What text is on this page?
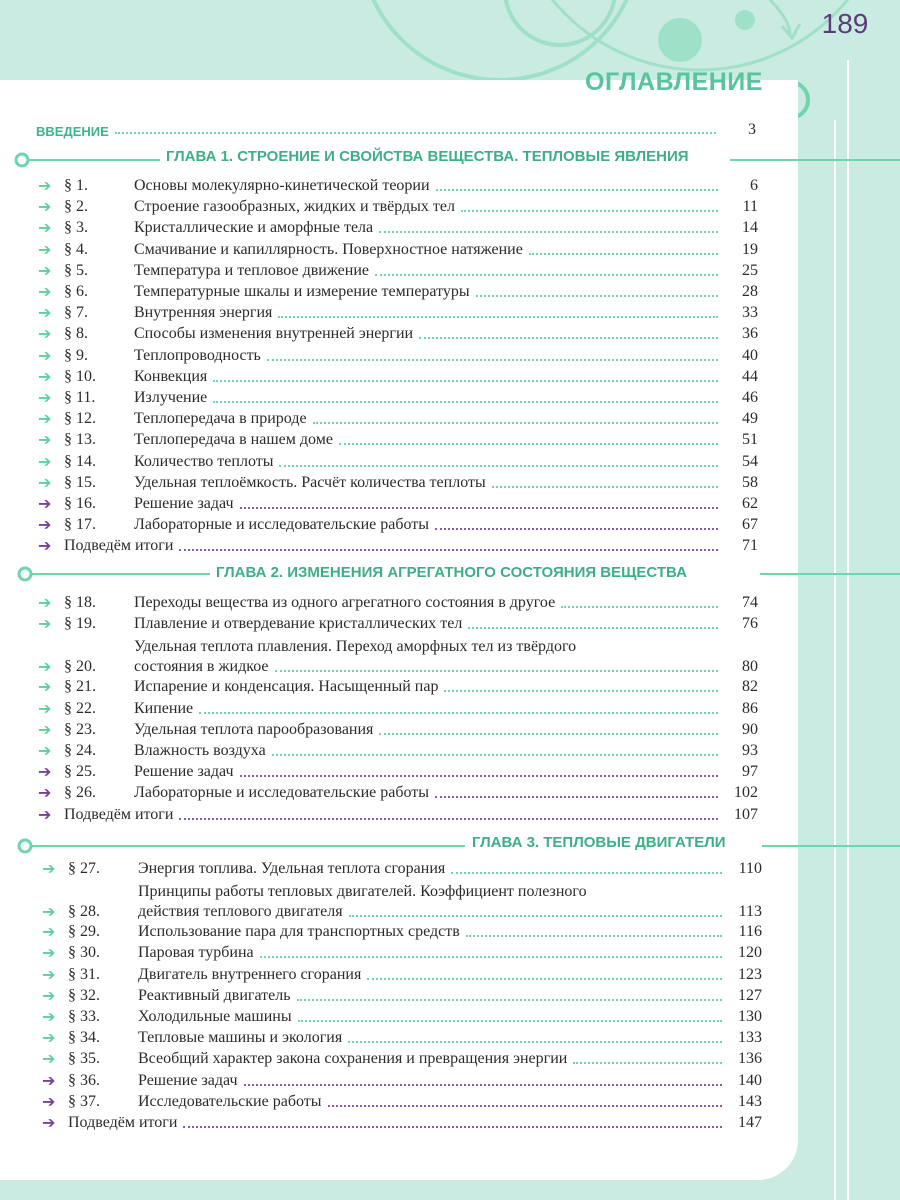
189
ОГЛАВЛЕНИЕ
ВВЕДЕНИЕ	3
ГЛАВА 1. СТРОЕНИЕ И СВОЙСТВА ВЕЩЕСТВА. ТЕПЛОВЫЕ ЯВЛЕНИЯ
➔ § 1.	Основы молекулярно-кинетической теории	6
➔ § 2.	Строение газообразных, жидких и твёрдых тел	11
➔ § 3.	Кристаллические и аморфные тела	14
➔ § 4.	Смачивание и капиллярность. Поверхностное натяжение	19
➔ § 5.	Температура и тепловое движение	25
➔ § 6.	Температурные шкалы и измерение температуры	28
➔ § 7.	Внутренняя энергия	33
➔ § 8.	Способы изменения внутренней энергии	36
➔ § 9.	Теплопроводность	40
➔ § 10.	Конвекция	44
➔ § 11.	Излучение	46
➔ § 12.	Теплопередача в природе	49
➔ § 13.	Теплопередача в нашем доме	51
➔ § 14.	Количество теплоты	54
➔ § 15.	Удельная теплоёмкость. Расчёт количества теплоты	58
➔ § 16.	Решение задач	62
➔ § 17.	Лабораторные и исследовательские работы	67
➔ Подведём итоги	71
ГЛАВА 2. ИЗМЕНЕНИЯ АГРЕГАТНОГО СОСТОЯНИЯ ВЕЩЕСТВА
➔ § 18.	Переходы вещества из одного агрегатного состояния в другое	74
➔ § 19.	Плавление и отвердевание кристаллических тел	76
➔ § 20.
Удельная теплота плавления. Переход аморфных тел из твёрдого
состояния в жидкое	80
➔ § 21.	Испарение и конденсация. Насыщенный пар	82
➔ § 22.	Кипение	86
➔ § 23.	Удельная теплота парообразования	90
➔ § 24.	Влажность воздуха	93
➔ § 25.	Решение задач	97
➔ § 26.	Лабораторные и исследовательские работы	102
➔ Подведём итоги	107
ГЛАВА 3. ТЕПЛОВЫЕ ДВИГАТЕЛИ
➔ § 27.	Энергия топлива. Удельная теплота сгорания	110
➔ § 28.
Принципы работы тепловых двигателей. Коэффициент полезного
действия теплового двигателя	113
➔ § 29.	Использование пара для транспортных средств	116
➔ § 30.	Паровая турбина	120
➔ § 31.	Двигатель внутреннего сгорания	123
➔ § 32.	Реактивный двигатель	127
➔ § 33.	Холодильные машины	130
➔ § 34.	Тепловые машины и экология	133
➔ § 35.	Всеобщий характер закона сохранения и превращения энергии	136
➔ § 36.	Решение задач	140
➔ § 37.	Исследовательские работы	143
➔ Подведём итоги	147
